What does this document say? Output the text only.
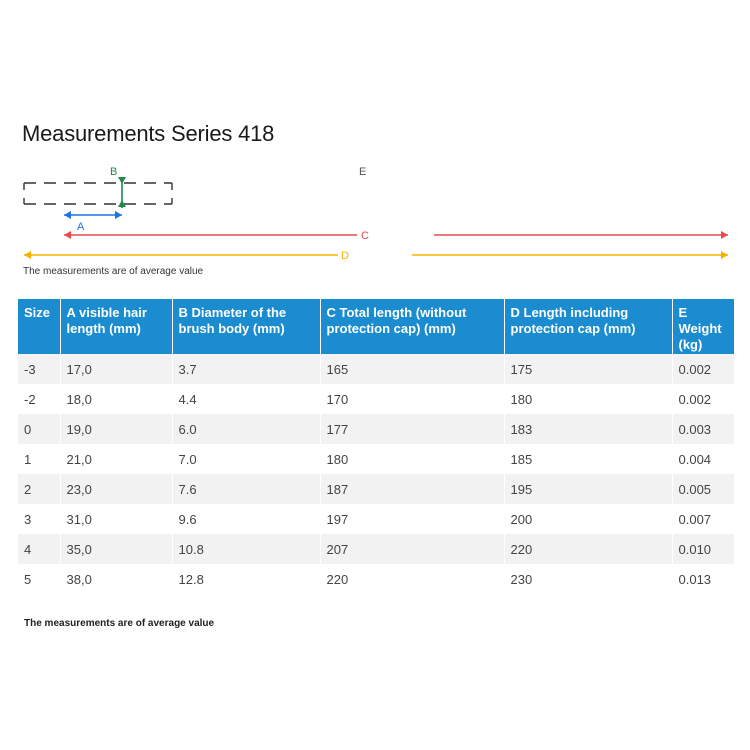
Measurements Series 418
B
A
E
C
D
The measurements are of average value
Size	A visible hair length (mm)	B Diameter of the brush body (mm)	C Total length (without protection cap) (mm)	D Length including protection cap (mm)	E Weight (kg)
-3	17,0	3.7	165	175	0.002
-2	18,0	4.4	170	180	0.002
0	19,0	6.0	177	183	0.003
1	21,0	7.0	180	185	0.004
2	23,0	7.6	187	195	0.005
3	31,0	9.6	197	200	0.007
4	35,0	10.8	207	220	0.010
5	38,0	12.8	220	230	0.013
The measurements are of average value
